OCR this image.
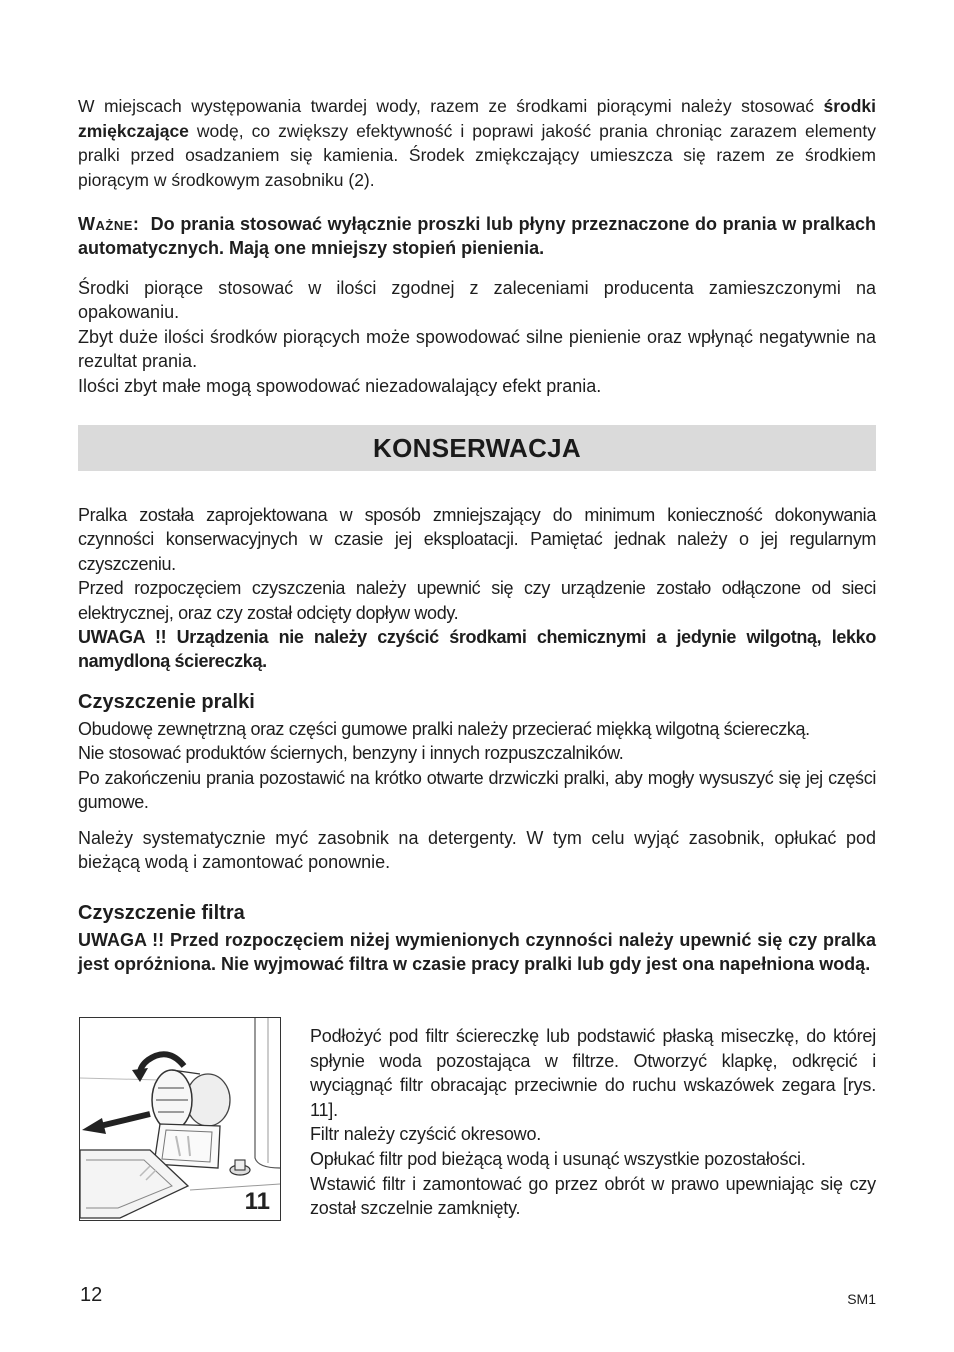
W miejscach występowania twardej wody, razem ze środkami piorącymi należy stosować środki zmiękczające wodę, co zwiększy efektywność i poprawi jakość prania chroniąc zarazem elementy pralki przed osadzaniem się kamienia. Środek zmiękczający umieszcza się razem ze środkiem piorącym w środkowym zasobniku (2).

Ważne: Do prania stosować wyłącznie proszki lub płyny przeznaczone do prania w pralkach automatycznych. Mają one mniejszy stopień pienienia.

Środki piorące stosować w ilości zgodnej z zaleceniami producenta zamieszczonymi na opakowaniu.
Zbyt duże ilości środków piorących może spowodować silne pienienie oraz wpłynąć negatywnie na rezultat prania.
Ilości zbyt małe mogą spowodować niezadowalający efekt prania.
KONSERWACJA
Pralka została zaprojektowana w sposób zmniejszający do minimum konieczność dokonywania czynności konserwacyjnych w czasie jej eksploatacji. Pamiętać jednak należy o jej regularnym czyszczeniu.
Przed rozpoczęciem czyszczenia należy upewnić się czy urządzenie zostało odłączone od sieci elektrycznej, oraz czy został odcięty dopływ wody.
UWAGA !! Urządzenia nie należy czyścić środkami chemicznymi a jedynie wilgotną, lekko namydloną ściereczką.
Czyszczenie pralki
Obudowę zewnętrzną oraz części gumowe pralki należy przecierać miękką wilgotną ściereczką.
Nie stosować produktów ściernych, benzyny i innych rozpuszczalników.
Po zakończeniu prania pozostawić na krótko otwarte drzwiczki pralki, aby mogły wysuszyć się jej części gumowe.
Należy systematycznie myć zasobnik na detergenty. W tym celu wyjąć zasobnik, opłukać pod bieżącą wodą i zamontować ponownie.
Czyszczenie filtra

UWAGA !! Przed rozpoczęciem niżej wymienionych czynności należy upewnić się czy pralka jest opróżniona. Nie wyjmować filtra w czasie pracy pralki lub gdy jest ona napełniona wodą.

11
Podłożyć pod filtr ściereczkę lub podstawić płaską miseczkę, do której spłynie woda pozostająca w filtrze. Otworzyć klapkę, odkręcić i wyciągnąć filtr obracając przeciwnie do ruchu wskazówek zegara [rys. 11].
Filtr należy czyścić okresowo.
Opłukać filtr pod bieżącą wodą i usunąć wszystkie pozostałości.
Wstawić filtr i zamontować go przez obrót w prawo upewniając się czy został szczelnie zamknięty.

12	SM1
